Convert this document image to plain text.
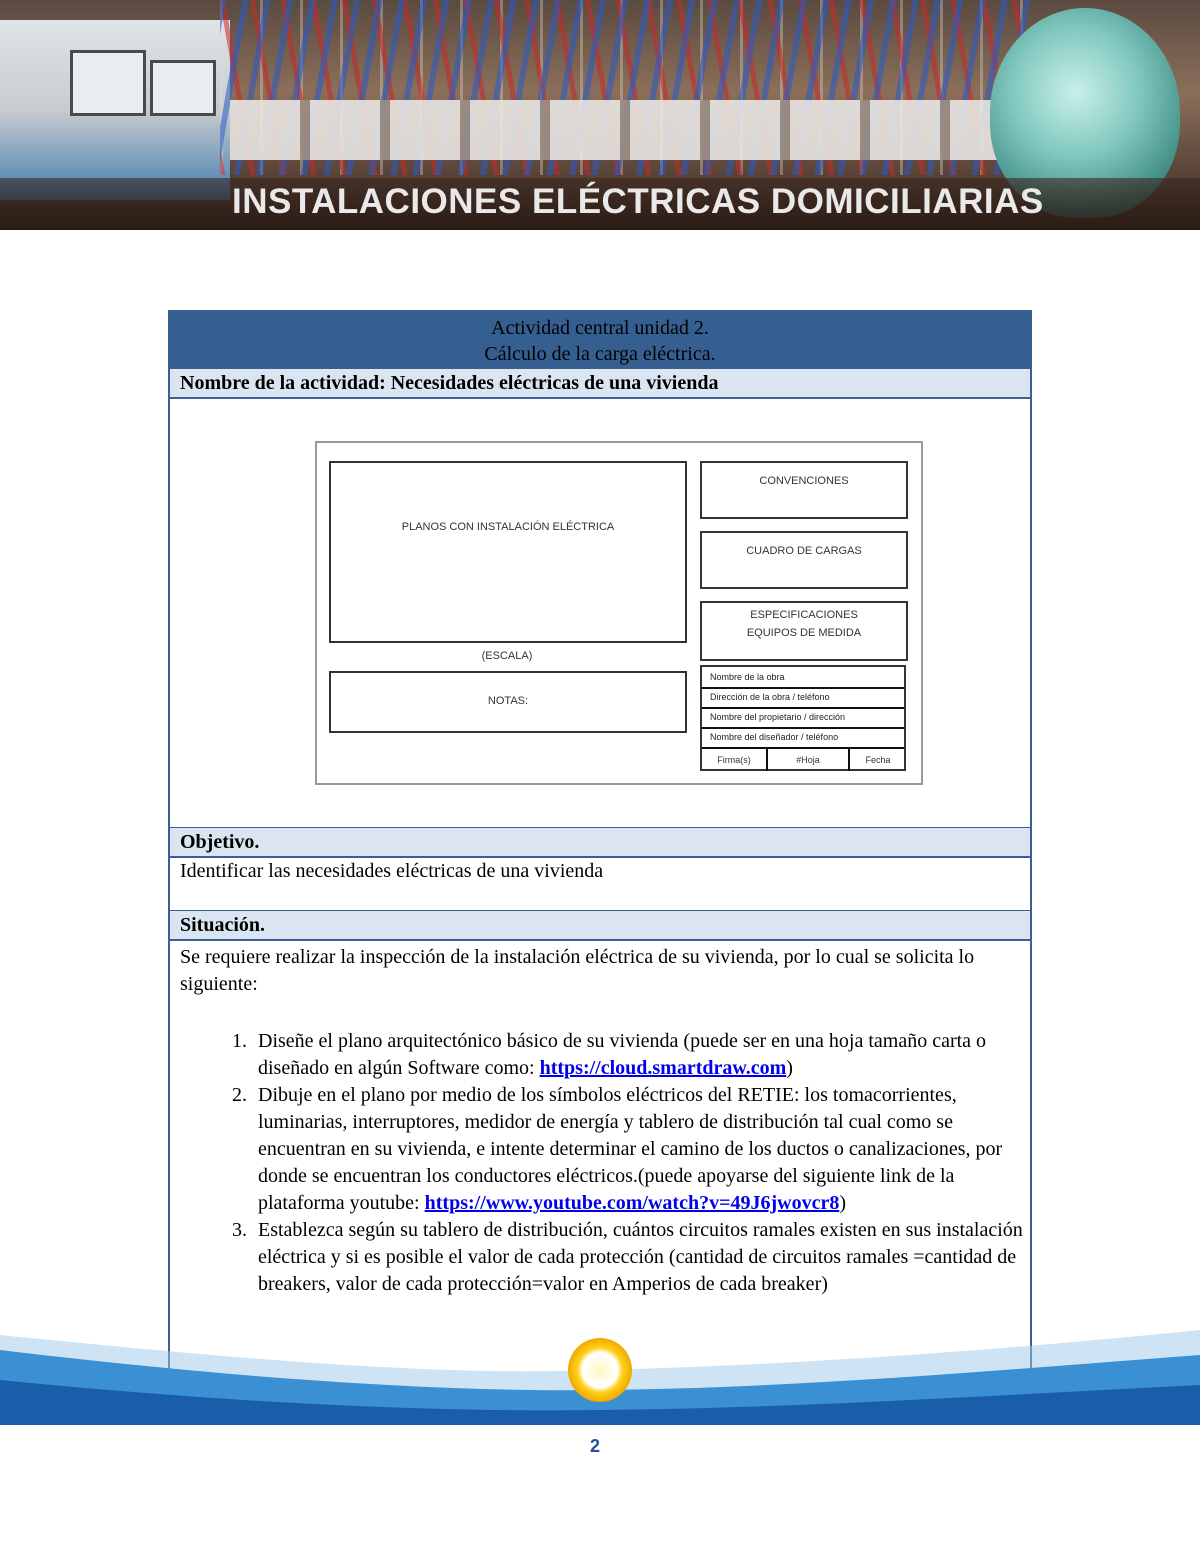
INSTALACIONES ELÉCTRICAS DOMICILIARIAS
Actividad central unidad 2.
Cálculo de la carga eléctrica.
Nombre de la actividad: Necesidades eléctricas de una vivienda
PLANOS CON INSTALACIÓN ELÉCTRICA
(ESCALA)
NOTAS:
CONVENCIONES
CUADRO DE CARGAS
ESPECIFICACIONES
EQUIPOS DE MEDIDA
Nombre de la obra
Dirección de la obra / teléfono
Nombre del propietario / dirección
Nombre del diseñador / teléfono
Firma(s)	#Hoja	Fecha
Objetivo.
Identificar las necesidades eléctricas de una vivienda
Situación.
Se requiere realizar la inspección de la instalación eléctrica de su vivienda, por lo cual se solicita lo siguiente:
1. Diseñe el plano arquitectónico básico de su vivienda (puede ser en una hoja tamaño carta o diseñado en algún Software como: https://cloud.smartdraw.com)
2. Dibuje en el plano por medio de los símbolos eléctricos del RETIE: los tomacorrientes, luminarias, interruptores, medidor de energía y tablero de distribución tal cual como se encuentran en su vivienda, e intente determinar el camino de los ductos o canalizaciones, por donde se encuentran los conductores eléctricos.(puede apoyarse del siguiente link de la plataforma youtube: https://www.youtube.com/watch?v=49J6jwovcr8)
3. Establezca según su tablero de distribución, cuántos circuitos ramales existen en sus instalación eléctrica y si es posible el valor de cada protección (cantidad de circuitos ramales =cantidad de breakers, valor de cada protección=valor en Amperios de cada breaker)
2
